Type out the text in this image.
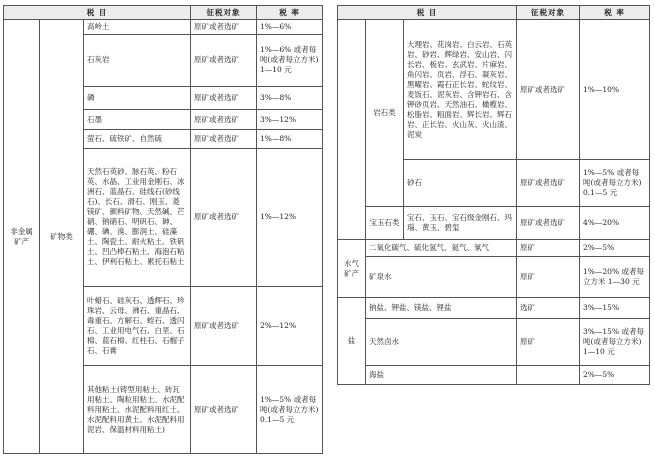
税 目			征税对象	税 率
非金属矿产	矿物类	高岭土	原矿或者选矿	1%—6%
		石灰岩	原矿或者选矿	1%—6% 或者每吨(或者每立方米)1—10 元
		磷	原矿或者选矿	3%—8%
		石墨	原矿或者选矿	3%—12%
		萤石、硫铁矿、自然硫	原矿或者选矿	1%—8%
		天然石英砂、脉石英、粉石英、水晶、工业用金刚石、冰洲石、蓝晶石、硅线石(砂线石)、长石、滑石、刚玉、菱镁矿、颜料矿物、天然碱、芒硝、钠硝石、明矾石、砷、硼、碘、溴、膨润土、硅藻土、陶瓷土、耐火粘土、铁矾土、凹凸棒石粘土、海泡石粘土、伊利石粘土、累托石粘土	原矿或者选矿	1%—12%
		叶蜡石、硅灰石、透辉石、珍珠岩、云母、沸石、重晶石、毒重石、方解石、蛭石、透闪石、工业用电气石、白垩、石棉、蓝石棉、红柱石、石榴子石、石膏	原矿或者选矿	2%—12%
		其他粘土(铸型用粘土、砖瓦用粘土、陶粒用粘土、水泥配料用粘土、水泥配料用红土、水泥配料用黄土、水泥配料用泥岩、保温材料用粘土)	原矿或者选矿	1%—5% 或者每吨(或者每立方米)0.1—5 元
税 目			征税对象	税 率
	岩石类	大理岩、花岗岩、白云岩、石英岩、砂岩、辉绿岩、安山岩、闪长岩、板岩、玄武岩、片麻岩、角闪岩、页岩、浮石、凝灰岩、黑曜岩、霞石正长岩、蛇纹岩、麦饭石、泥灰岩、含钾岩石、含钾砂页岩、天然油石、橄榄岩、松脂岩、粗面岩、辉长岩、辉石岩、正长岩、火山灰、火山渣、泥炭	原矿或者选矿	1%—10%
		砂石	原矿或者选矿	1%—5% 或者每吨(或者每立方米)0.1—5 元
	宝玉石类	宝石、玉石、宝石级金刚石、玛瑙、黄玉、碧玺	原矿或者选矿	4%—20%
水气矿产	二氧化碳气、硫化氢气、氦气、氡气		原矿	2%—5%
	矿泉水		原矿	1%—20% 或者每立方米 1—30 元
盐	钠盐、钾盐、镁盐、锂盐		选矿	3%—15%
	天然卤水		原矿	3%—15% 或者每吨(或者每立方米)1—10 元
	海盐			2%—5%
